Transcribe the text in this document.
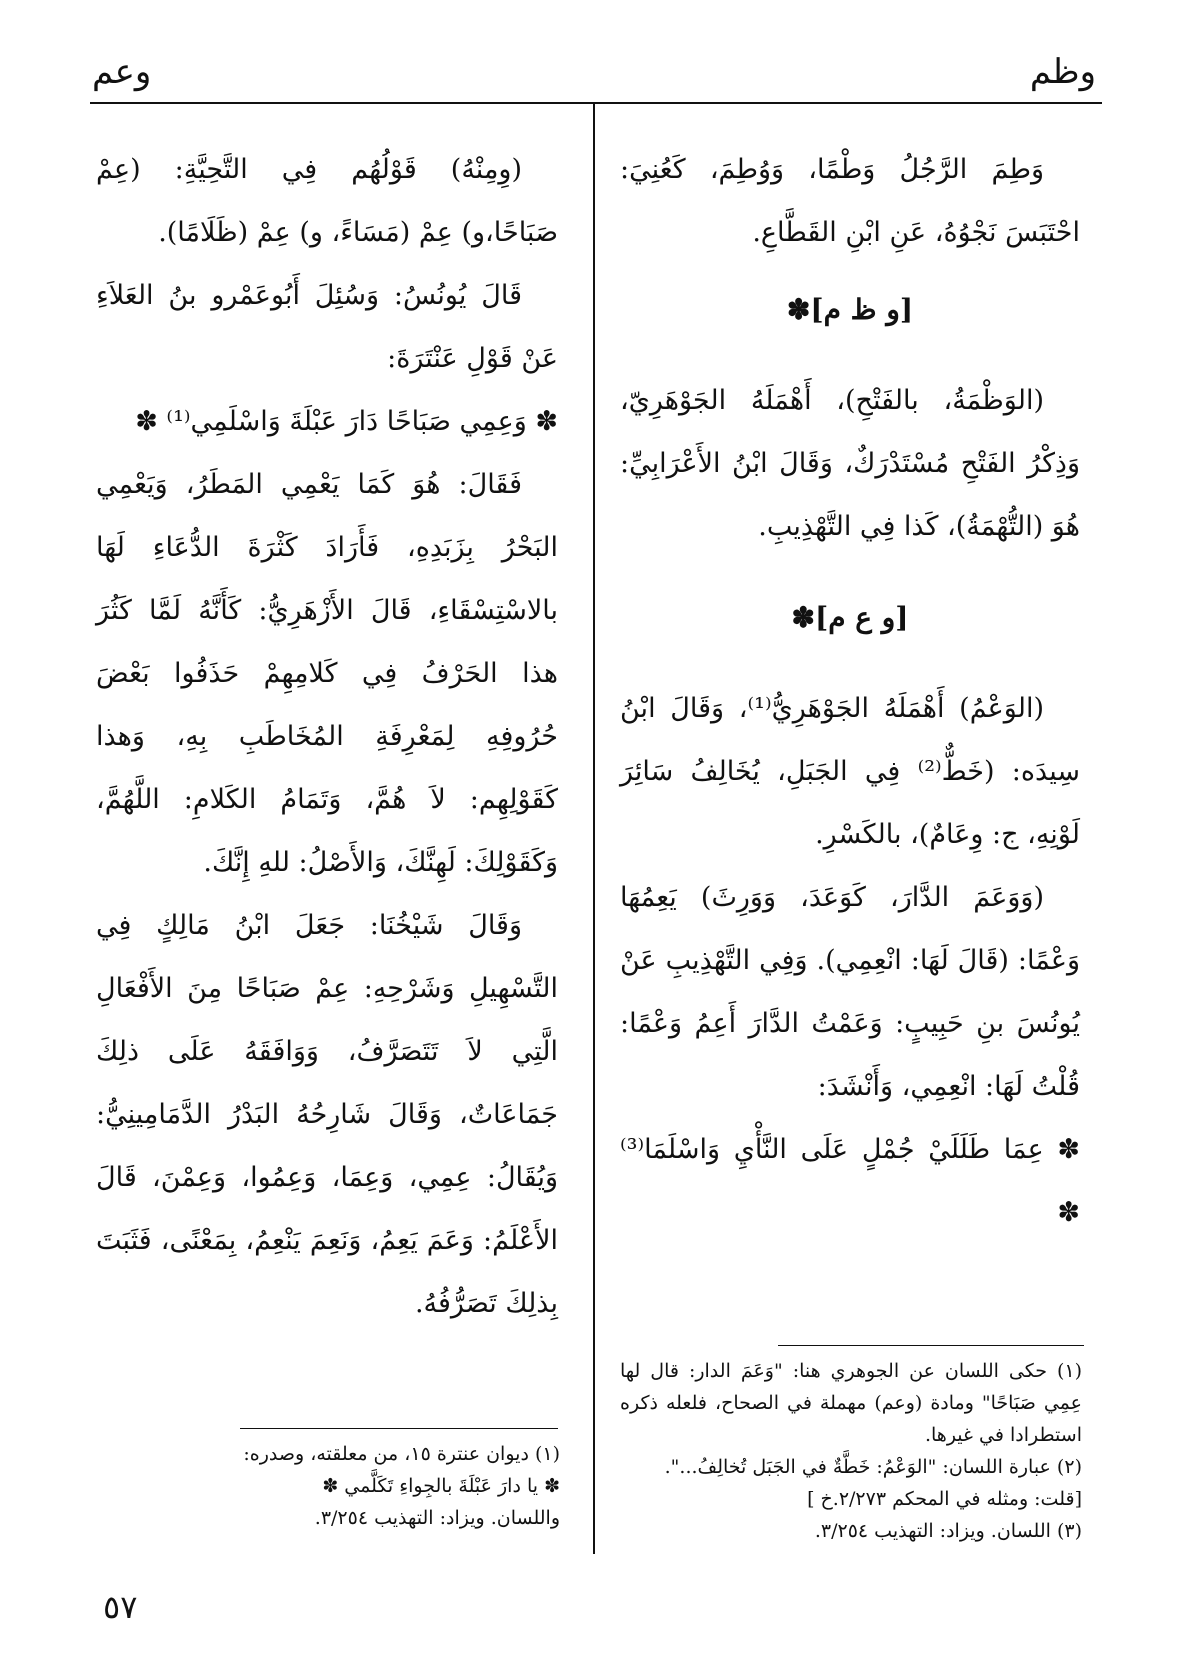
وظم
وعم

وَطِمَ الرَّجُلُ وَطْمًا، وَوُطِمَ، كَعُنِيَ: احْتَبَسَ نَجْوُهُ، عَنِ ابْنِ القَطَّاعِ.

[و ظ م]✽

(الوَظْمَةُ، بالفَتْحِ)، أَهْمَلَهُ الجَوْهَرِيّ، وَذِكْرُ الفَتْحِ مُسْتَدْرَكٌ، وَقَالَ ابْنُ الأَعْرَابِيِّ: هُوَ (التُّهْمَةُ)، كَذا فِي التَّهْذِيبِ.

[و ع م]✽

(الوَعْمُ) أَهْمَلَهُ الجَوْهَرِيُّ⁽¹⁾، وَقَالَ ابْنُ سِيدَه: (خَطٌّ⁽²⁾ فِي الجَبَلِ، يُخَالِفُ سَائِرَ لَوْنِهِ، ج: وِعَامٌ)، بالكَسْرِ.

(وَوَعَمَ الدَّارَ، كَوَعَدَ، وَوَرِثَ) يَعِمُهَا وَعْمًا: (قَالَ لَهَا: انْعِمِي). وَفِي التَّهْذِيبِ عَنْ يُونُسَ بنِ حَبِيبٍ: وَعَمْتُ الدَّارَ أَعِمُ وَعْمًا: قُلْتُ لَهَا: انْعِمِي، وَأَنْشَدَ:

✽ عِمَا طَلَلَيْ جُمْلٍ عَلَى النَّأْيِ وَاسْلَمَا⁽³⁾ ✽

(وِمِنْهُ) قَوْلُهُم فِي التَّحِيَّةِ: (عِمْ صَبَاحًا،و) عِمْ (مَسَاءً، و) عِمْ (ظَلَامًا).

قَالَ يُونُسُ: وَسُئِلَ أَبُوعَمْرو بنُ العَلاَءِ عَنْ قَوْلِ عَنْتَرَةَ:

✽ وَعِمِي صَبَاحًا دَارَ عَبْلَةَ وَاسْلَمِي⁽¹⁾ ✽

فَقَالَ: هُوَ كَمَا يَعْمِي المَطَرُ، وَيَعْمِي البَحْرُ بِزَبَدِهِ، فَأَرَادَ كَثْرَةَ الدُّعَاءِ لَهَا بالاسْتِسْقَاءِ، قَالَ الأَزْهَرِيُّ: كَأَنَّهُ لَمَّا كَثُرَ هذا الحَرْفُ فِي كَلامِهِمْ حَذَفُوا بَعْضَ حُرُوفِهِ لِمَعْرِفَةِ المُخَاطَبِ بِهِ، وَهذا كَقَوْلِهِم: لاَ هُمَّ، وَتَمَامُ الكَلامِ: اللَّهُمَّ، وَكَقَوْلِكَ: لَهِنَّكَ، وَالأَصْلُ: للهِ إِنَّكَ.

وَقَالَ شَيْخُنَا: جَعَلَ ابْنُ مَالِكٍ فِي التَّسْهِيلِ وَشَرْحِهِ: عِمْ صَبَاحًا مِنَ الأَفْعَالِ الَّتِي لاَ تَتَصَرَّفُ، وَوَافَقَهُ عَلَى ذلِكَ جَمَاعَاتٌ، وَقَالَ شَارِحُهُ البَدْرُ الدَّمَامِينِيُّ: وَيُقَالُ: عِمِي، وَعِمَا، وَعِمُوا، وَعِمْنَ، قَالَ الأَعْلَمُ: وَعَمَ يَعِمُ، وَنَعِمَ يَنْعِمُ، بِمَعْنًى، فَثَبَتَ بِذلِكَ تَصَرُّفُهُ.

(١) حكى اللسان عن الجوهري هنا: "وَعَمَ الدار: قال لها عِمِي صَبَاحًا" ومادة (وعم) مهملة في الصحاح، فلعله ذكره استطرادا في غيرها.

(٢) عبارة اللسان: "الوَعْمُ: خَطَّةٌ في الجَبَل تُخالِفُ...".

[قلت: ومثله في المحكم ٢/٢٧٣.خ ]

(٣) اللسان. ويزاد: التهذيب ٣/٢٥٤.

(١) ديوان عنترة ١٥، من معلقته، وصدره:

✽ يا دارَ عَبْلَةَ بالجِواءِ تَكَلَّمي ✽

واللسان. ويزاد: التهذيب ٣/٢٥٤.

٥٧
